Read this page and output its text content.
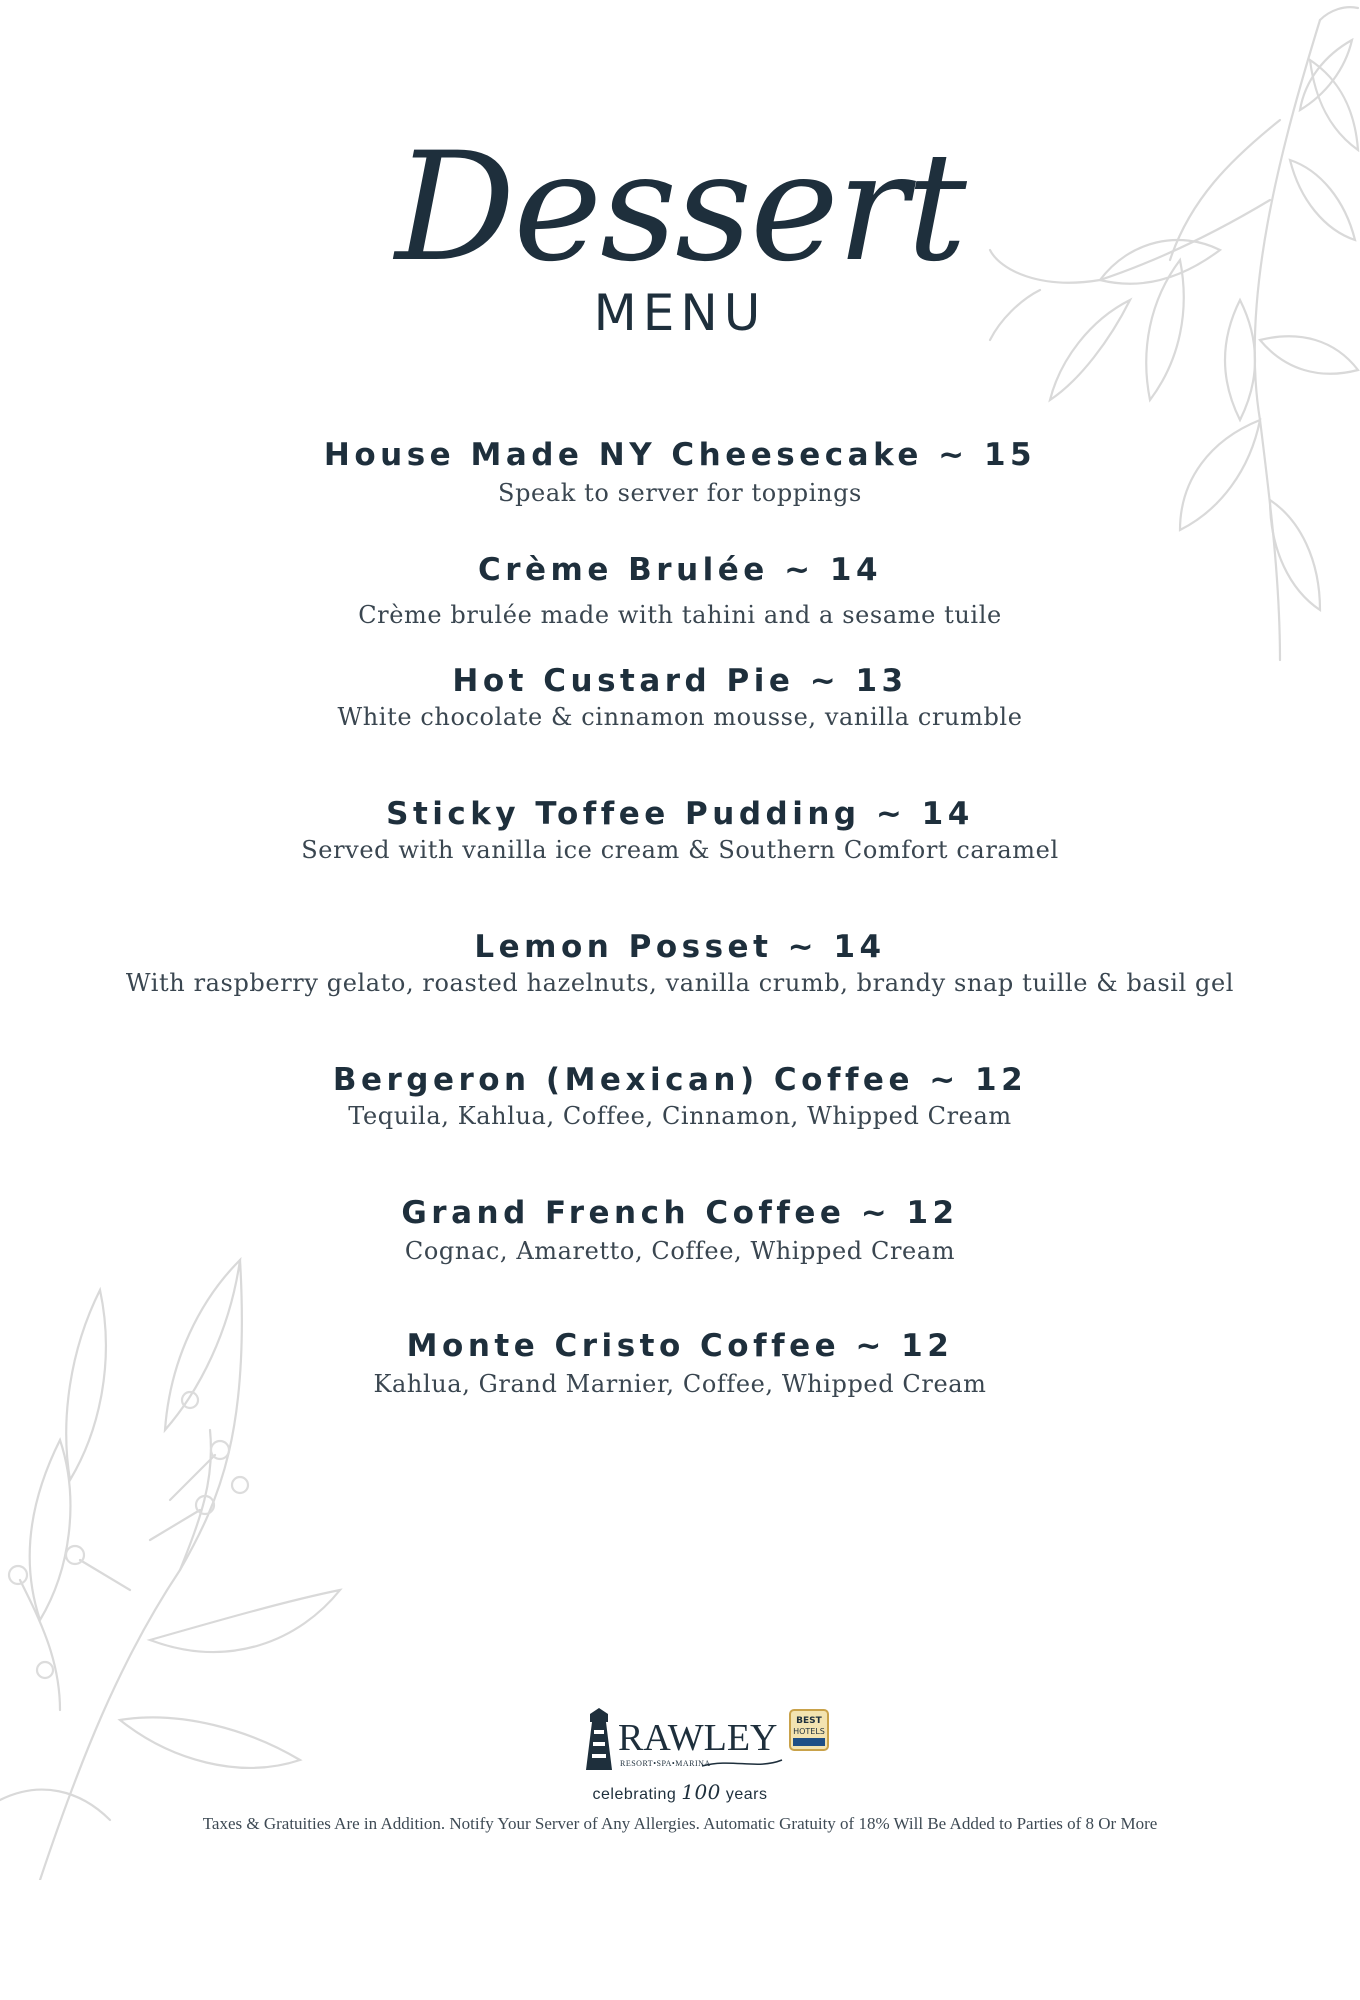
Dessert
MENU
House Made NY Cheesecake ~ 15
Speak to server for toppings
Crème Brulée ~ 14
Crème brulée made with tahini and a sesame tuile
Hot Custard Pie ~ 13
White chocolate & cinnamon mousse, vanilla crumble
Sticky Toffee Pudding ~ 14
Served with vanilla ice cream & Southern Comfort caramel
Lemon Posset ~ 14
With raspberry gelato, roasted hazelnuts, vanilla crumb, brandy snap tuille & basil gel
Bergeron (Mexican) Coffee ~ 12
Tequila, Kahlua, Coffee, Cinnamon, Whipped Cream
Grand French Coffee ~ 12
Cognac, Amaretto, Coffee, Whipped Cream
Monte Cristo Coffee ~ 12
Kahlua, Grand Marnier, Coffee, Whipped Cream
RAWLEY
RESORT•SPA•MARINA
BEST
HOTELS
celebrating 100 years
Taxes & Gratuities Are in Addition. Notify Your Server of Any Allergies. Automatic Gratuity of 18% Will Be Added to Parties of 8 Or More
